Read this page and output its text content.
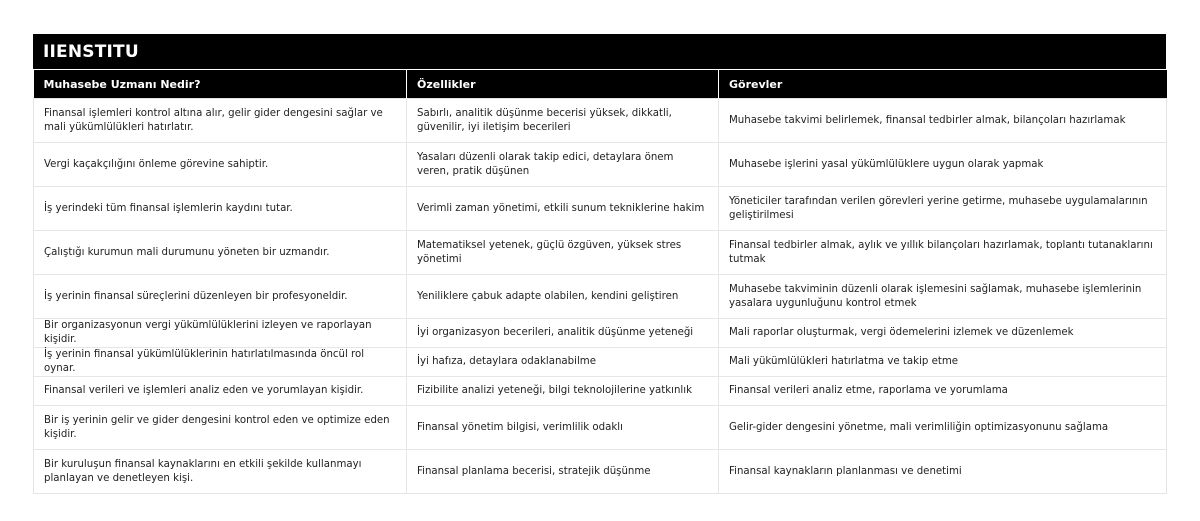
IIENSTITU
Muhasebe Uzmanı Nedir?	Özellikler	Görevler
Finansal işlemleri kontrol altına alır, gelir gider dengesini sağlar ve mali yükümlülükleri hatırlatır.	Sabırlı, analitik düşünme becerisi yüksek, dikkatli, güvenilir, iyi iletişim becerileri	Muhasebe takvimi belirlemek, finansal tedbirler almak, bilançoları hazırlamak
Vergi kaçakçılığını önleme görevine sahiptir.	Yasaları düzenli olarak takip edici, detaylara önem veren, pratik düşünen	Muhasebe işlerini yasal yükümlülüklere uygun olarak yapmak
İş yerindeki tüm finansal işlemlerin kaydını tutar.	Verimli zaman yönetimi, etkili sunum tekniklerine hakim	Yöneticiler tarafından verilen görevleri yerine getirme, muhasebe uygulamalarının geliştirilmesi
Çalıştığı kurumun mali durumunu yöneten bir uzmandır.	Matematiksel yetenek, güçlü özgüven, yüksek stres yönetimi	Finansal tedbirler almak, aylık ve yıllık bilançoları hazırlamak, toplantı tutanaklarını tutmak
İş yerinin finansal süreçlerini düzenleyen bir profesyoneldir.	Yeniliklere çabuk adapte olabilen, kendini geliştiren	Muhasebe takviminin düzenli olarak işlemesini sağlamak, muhasebe işlemlerinin yasalara uygunluğunu kontrol etmek
Bir organizasyonun vergi yükümlülüklerini izleyen ve raporlayan kişidir.	İyi organizasyon becerileri, analitik düşünme yeteneği	Mali raporlar oluşturmak, vergi ödemelerini izlemek ve düzenlemek
İş yerinin finansal yükümlülüklerinin hatırlatılmasında öncül rol oynar.	İyi hafıza, detaylara odaklanabilme	Mali yükümlülükleri hatırlatma ve takip etme
Finansal verileri ve işlemleri analiz eden ve yorumlayan kişidir.	Fizibilite analizi yeteneği, bilgi teknolojilerine yatkınlık	Finansal verileri analiz etme, raporlama ve yorumlama
Bir iş yerinin gelir ve gider dengesini kontrol eden ve optimize eden kişidir.	Finansal yönetim bilgisi, verimlilik odaklı	Gelir-gider dengesini yönetme, mali verimliliğin optimizasyonunu sağlama
Bir kuruluşun finansal kaynaklarını en etkili şekilde kullanmayı planlayan ve denetleyen kişi.	Finansal planlama becerisi, stratejik düşünme	Finansal kaynakların planlanması ve denetimi
